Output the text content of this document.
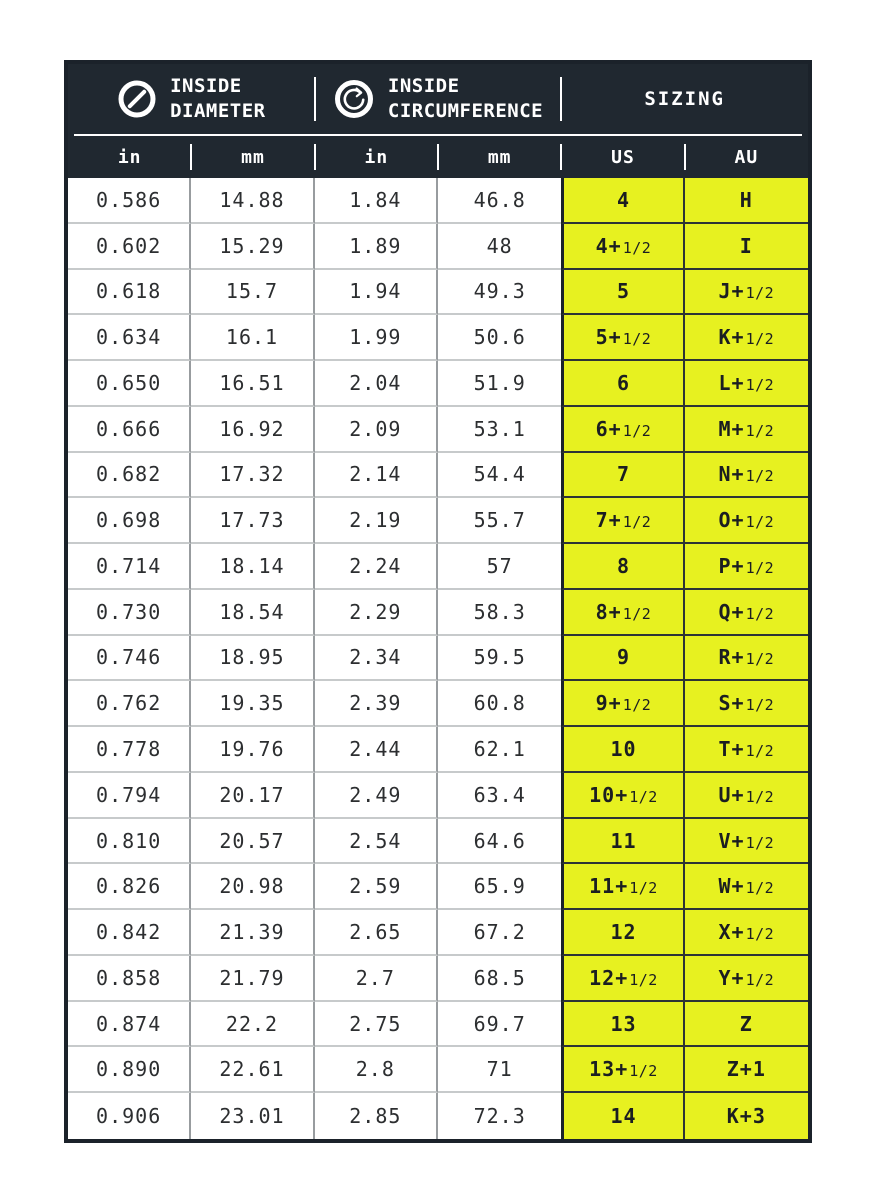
INSIDE
DIAMETER
INSIDE
CIRCUMFERENCE
SIZING
in	mm	in	mm	US	AU
0.586	14.88	1.84	46.8	4	H
0.602	15.29	1.89	48	4+1/2	I
0.618	15.7	1.94	49.3	5	J+1/2
0.634	16.1	1.99	50.6	5+1/2	K+1/2
0.650	16.51	2.04	51.9	6	L+1/2
0.666	16.92	2.09	53.1	6+1/2	M+1/2
0.682	17.32	2.14	54.4	7	N+1/2
0.698	17.73	2.19	55.7	7+1/2	O+1/2
0.714	18.14	2.24	57	8	P+1/2
0.730	18.54	2.29	58.3	8+1/2	Q+1/2
0.746	18.95	2.34	59.5	9	R+1/2
0.762	19.35	2.39	60.8	9+1/2	S+1/2
0.778	19.76	2.44	62.1	10	T+1/2
0.794	20.17	2.49	63.4	10+1/2	U+1/2
0.810	20.57	2.54	64.6	11	V+1/2
0.826	20.98	2.59	65.9	11+1/2	W+1/2
0.842	21.39	2.65	67.2	12	X+1/2
0.858	21.79	2.7	68.5	12+1/2	Y+1/2
0.874	22.2	2.75	69.7	13	Z
0.890	22.61	2.8	71	13+1/2	Z+1
0.906	23.01	2.85	72.3	14	K+3
